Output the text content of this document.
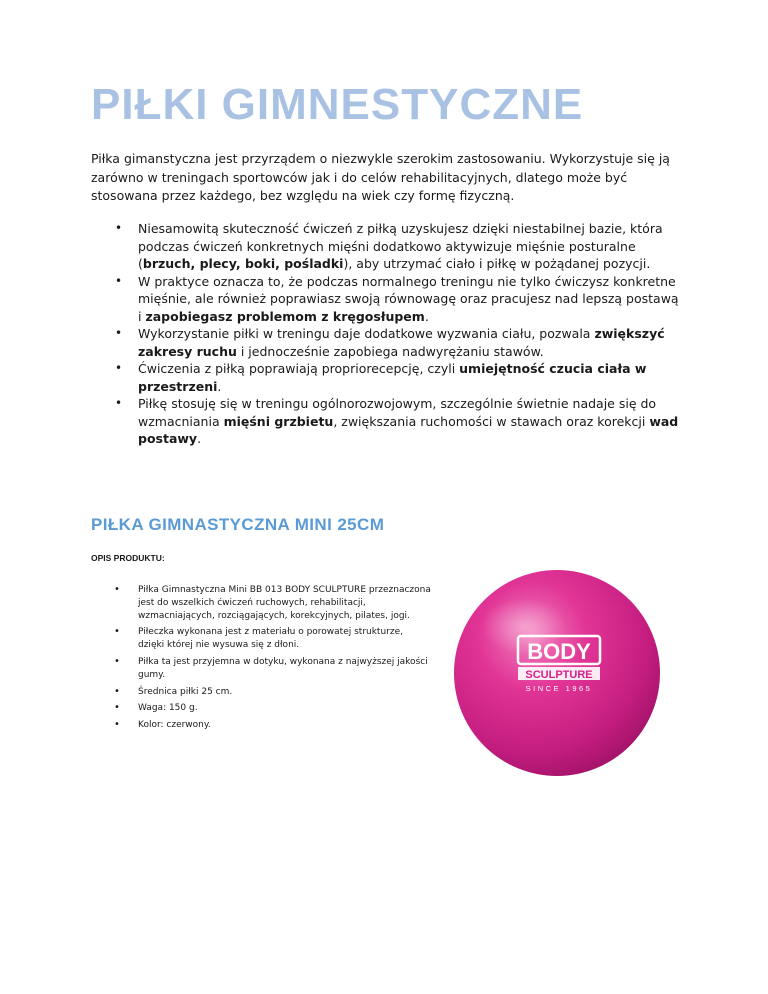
PIŁKI GIMNESTYCZNE

Piłka gimanstyczna jest przyrządem o niezwykle szerokim zastosowaniu. Wykorzystuje się ją zarówno w treningach sportowców jak i do celów rehabilitacyjnych, dlatego może być stosowana przez każdego, bez względu na wiek czy formę fizyczną.

• Niesamowitą skuteczność ćwiczeń z piłką uzyskujesz dzięki niestabilnej bazie, która podczas ćwiczeń konkretnych mięśni dodatkowo aktywizuje mięśnie posturalne (brzuch, plecy, boki, pośladki), aby utrzymać ciało i piłkę w pożądanej pozycji.
• W praktyce oznacza to, że podczas normalnego treningu nie tylko ćwiczysz konkretne mięśnie, ale również poprawiasz swoją równowagę oraz pracujesz nad lepszą postawą i zapobiegasz problemom z kręgosłupem.
• Wykorzystanie piłki w treningu daje dodatkowe wyzwania ciału, pozwala zwiększyć zakresy ruchu i jednocześnie zapobiega nadwyrężaniu stawów.
• Ćwiczenia z piłką poprawiają propriorecepcję, czyli umiejętność czucia ciała w przestrzeni.
• Piłkę stosuję się w treningu ogólnorozwojowym, szczególnie świetnie nadaje się do wzmacniania mięśni grzbietu, zwiększania ruchomości w stawach oraz korekcji wad postawy.
PIŁKA GIMNASTYCZNA MINI 25CM
OPIS PRODUKTU:
• Piłka Gimnastyczna Mini BB 013 BODY SCULPTURE przeznaczona jest do wszelkich ćwiczeń ruchowych, rehabilitacji, wzmacniających, rozciągających, korekcyjnych, pilates, jogi.
• Piłeczka wykonana jest z materiału o porowatej strukturze, dzięki której nie wysuwa się z dłoni.
• Piłka ta jest przyjemna w dotyku, wykonana z najwyższej jakości gumy.
• Średnica piłki 25 cm.
• Waga: 150 g.
• Kolor: czerwony.
BODY
SCULPTURE
SINCE 1965
